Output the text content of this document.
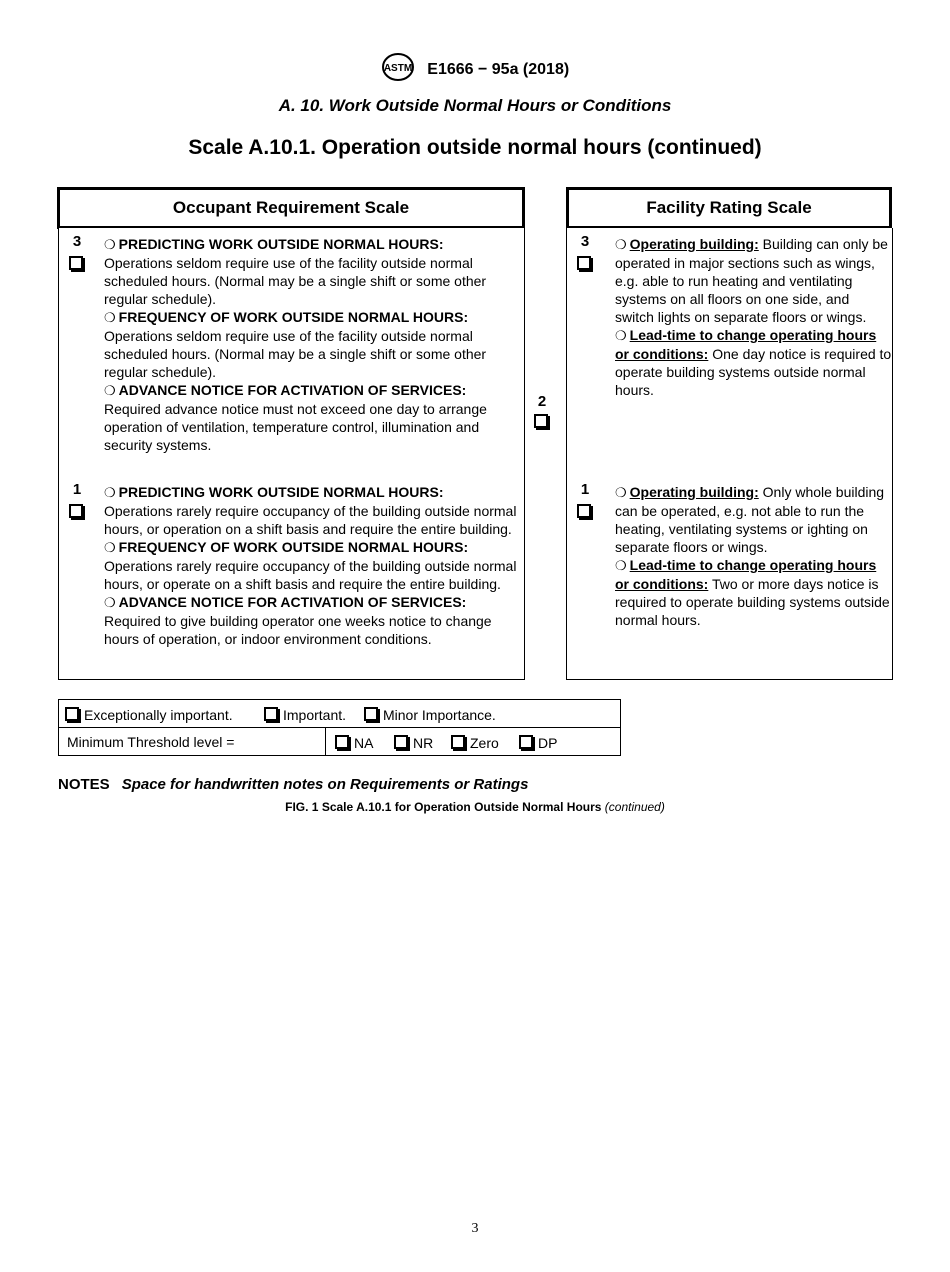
ASTM E1666 − 95a (2018)
A. 10. Work Outside Normal Hours or Conditions
Scale A.10.1. Operation outside normal hours (continued)
Occupant Requirement Scale	Facility Rating Scale
3	❍ PREDICTING WORK OUTSIDE NORMAL HOURS:
Operations seldom require use of the facility outside normal scheduled hours. (Normal may be a single shift or some other regular schedule).
❍ FREQUENCY OF WORK OUTSIDE NORMAL HOURS:
Operations seldom require use of the facility outside normal scheduled hours. (Normal may be a single shift or some other regular schedule).
❍ ADVANCE NOTICE FOR ACTIVATION OF SERVICES:
Required advance notice must not exceed one day to arrange operation of ventilation, temperature control, illumination and security systems.
1	❍ PREDICTING WORK OUTSIDE NORMAL HOURS:
Operations rarely require occupancy of the building outside normal hours, or operation on a shift basis and require the entire building.
❍ FREQUENCY OF WORK OUTSIDE NORMAL HOURS:
Operations rarely require occupancy of the building outside normal hours, or operate on a shift basis and require the entire building.
❍ ADVANCE NOTICE FOR ACTIVATION OF SERVICES:
Required to give building operator one weeks notice to change hours of operation, or indoor environment conditions.
2
3	❍ Operating building: Building can only be operated in major sections such as wings, e.g. able to run heating and ventilating systems on all floors on one side, and switch lights on separate floors or wings.
❍ Lead-time to change operating hours or conditions: One day notice is required to operate building systems outside normal hours.
1	❍ Operating building: Only whole building can be operated, e.g. not able to run the heating, ventilating systems or ighting on separate floors or wings.
❍ Lead-time to change operating hours or conditions: Two or more days notice is required to operate building systems outside normal hours.
Exceptionally important.	Important.	Minor Importance.
Minimum Threshold level =	NA	NR	Zero	DP
NOTES Space for handwritten notes on Requirements or Ratings
FIG. 1 Scale A.10.1 for Operation Outside Normal Hours (continued)
3
